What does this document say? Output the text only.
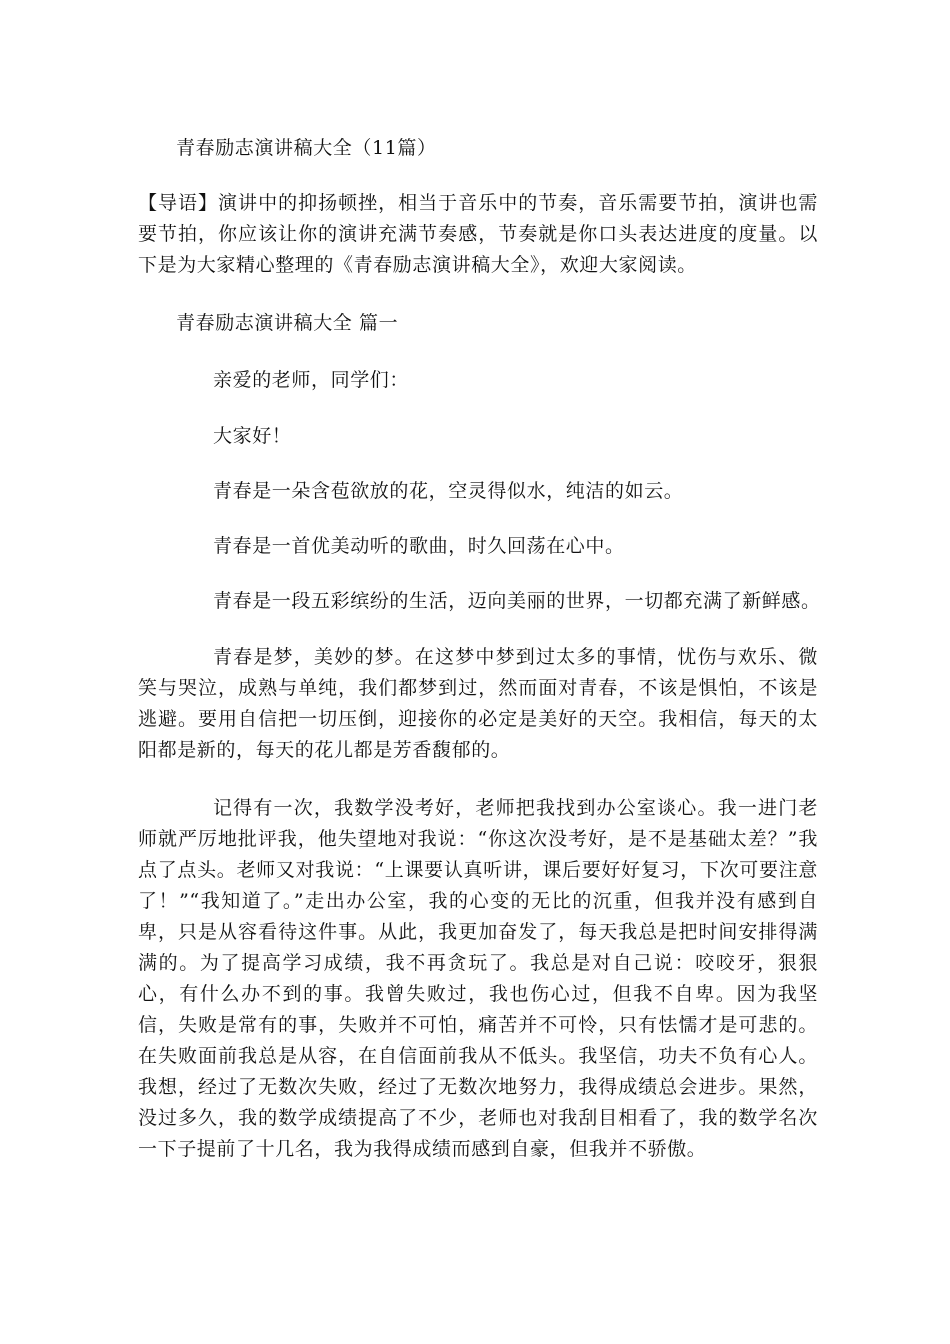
青春励志演讲稿大全（11篇）
【导语】演讲中的抑扬顿挫，相当于音乐中的节奏，音乐需要节拍，演讲也需要节拍，你应该让你的演讲充满节奏感，节奏就是你口头表达进度的度量。以下是为大家精心整理的《青春励志演讲稿大全》，欢迎大家阅读。
青春励志演讲稿大全 篇一
亲爱的老师，同学们：
大家好！
青春是一朵含苞欲放的花，空灵得似水，纯洁的如云。
青春是一首优美动听的歌曲，时久回荡在心中。
青春是一段五彩缤纷的生活，迈向美丽的世界，一切都充满了新鲜感。
青春是梦，美妙的梦。在这梦中梦到过太多的事情，忧伤与欢乐、微笑与哭泣，成熟与单纯，我们都梦到过，然而面对青春，不该是惧怕，不该是逃避。要用自信把一切压倒，迎接你的必定是美好的天空。我相信，每天的太阳都是新的，每天的花儿都是芳香馥郁的。
记得有一次，我数学没考好，老师把我找到办公室谈心。我一进门老师就严厉地批评我，他失望地对我说：“你这次没考好，是不是基础太差？”我点了点头。老师又对我说：“上课要认真听讲，课后要好好复习，下次可要注意了！”“我知道了。”走出办公室，我的心变的无比的沉重，但我并没有感到自卑，只是从容看待这件事。从此，我更加奋发了，每天我总是把时间安排得满满的。为了提高学习成绩，我不再贪玩了。我总是对自己说：咬咬牙，狠狠心，有什么办不到的事。我曾失败过，我也伤心过，但我不自卑。因为我坚信，失败是常有的事，失败并不可怕，痛苦并不可怜，只有怯懦才是可悲的。在失败面前我总是从容，在自信面前我从不低头。我坚信，功夫不负有心人。我想，经过了无数次失败，经过了无数次地努力，我得成绩总会进步。果然，没过多久，我的数学成绩提高了不少，老师也对我刮目相看了，我的数学名次一下子提前了十几名，我为我得成绩而感到自豪，但我并不骄傲。
